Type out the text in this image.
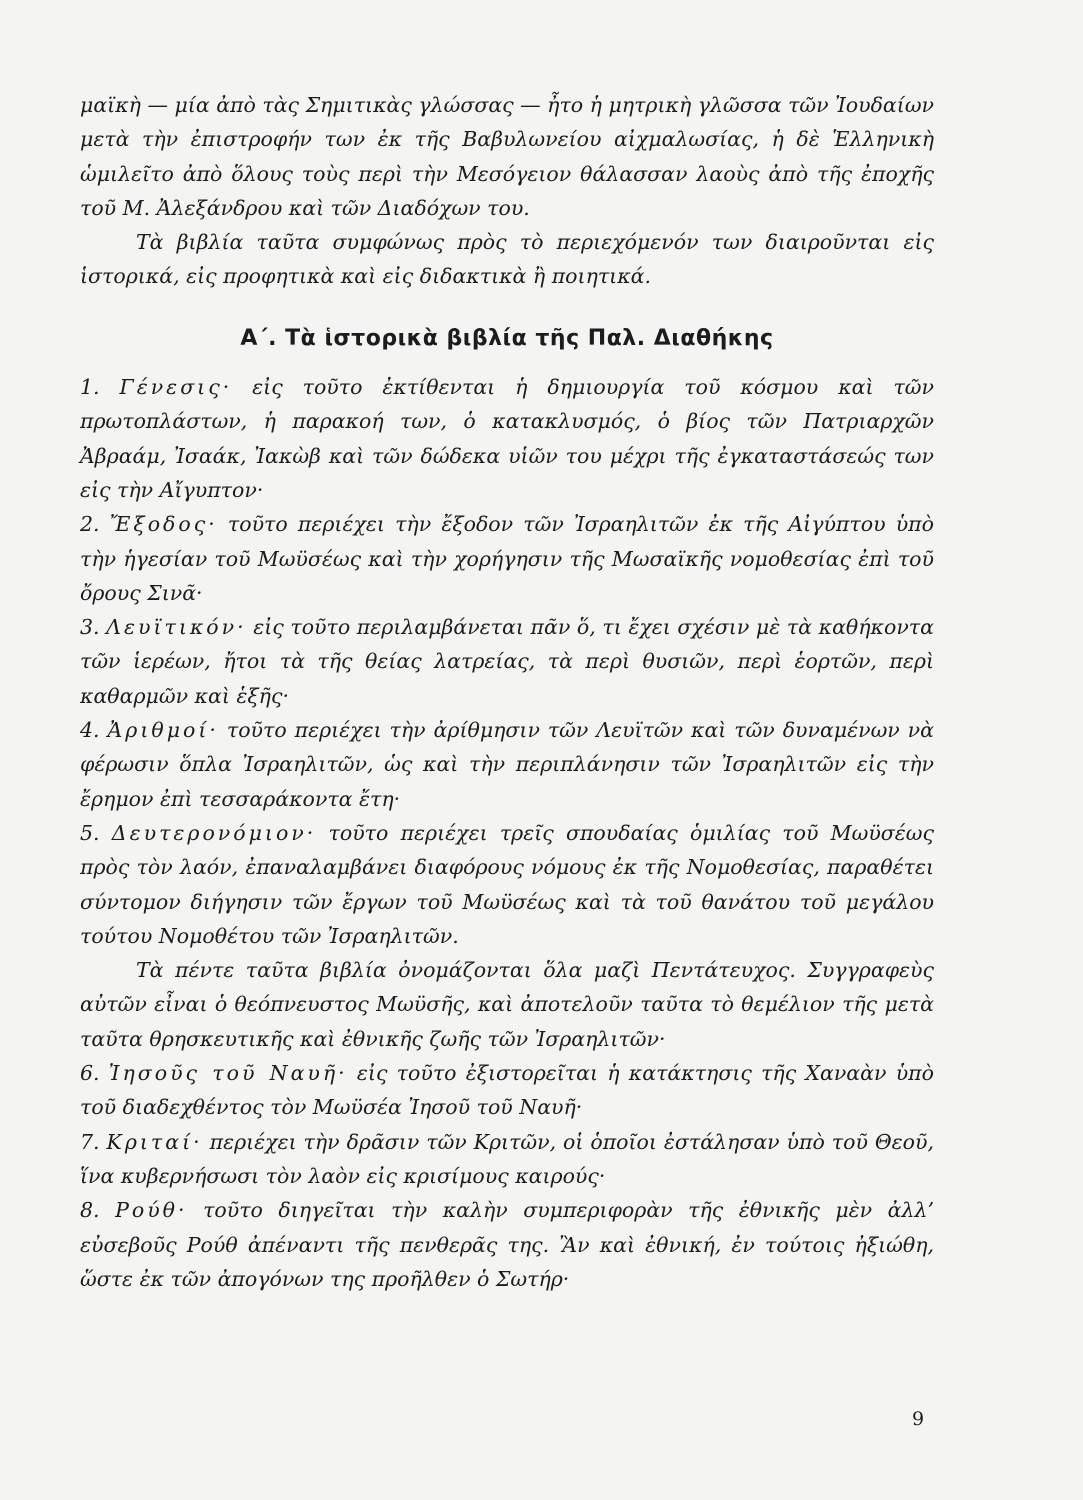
μαϊκὴ — μία ἀπὸ τὰς Σημιτικὰς γλώσσας — ἦτο ἡ μητρικὴ γλῶσσα τῶν Ἰουδαίων μετὰ τὴν ἐπιστροφήν των ἐκ τῆς Βαβυλωνείου αἰχμαλωσίας, ἡ δὲ Ἑλληνικὴ ὡμιλεῖτο ἀπὸ ὅλους τοὺς περὶ τὴν Μεσόγειον θάλασσαν λαοὺς ἀπὸ τῆς ἐποχῆς τοῦ Μ. Ἀλεξάνδρου καὶ τῶν Διαδόχων του.

Τὰ βιβλία ταῦτα συμφώνως πρὸς τὸ περιεχόμενόν των διαιροῦνται εἰς ἱστορικά, εἰς προφητικὰ καὶ εἰς διδακτικὰ ἢ ποιητικά.

Α΄. Τὰ ἱστορικὰ βιβλία τῆς Παλ. Διαθήκης

1. Γένεσις· εἰς τοῦτο ἐκτίθενται ἡ δημιουργία τοῦ κόσμου καὶ τῶν πρωτοπλάστων, ἡ παρακοή των, ὁ κατακλυσμός, ὁ βίος τῶν Πατριαρχῶν Ἀβραάμ, Ἰσαάκ, Ἰακὼβ καὶ τῶν δώδεκα υἱῶν του μέχρι τῆς ἐγκαταστάσεώς των εἰς τὴν Αἴγυπτον·

2. Ἔξοδος· τοῦτο περιέχει τὴν ἔξοδον τῶν Ἰσραηλιτῶν ἐκ τῆς Αἰγύπτου ὑπὸ τὴν ἡγεσίαν τοῦ Μωϋσέως καὶ τὴν χορήγησιν τῆς Μωσαϊκῆς νομοθεσίας ἐπὶ τοῦ ὄρους Σινᾶ·

3. Λευϊτικόν· εἰς τοῦτο περιλαμβάνεται πᾶν ὅ, τι ἔχει σχέσιν μὲ τὰ καθήκοντα τῶν ἱερέων, ἤτοι τὰ τῆς θείας λατρείας, τὰ περὶ θυσιῶν, περὶ ἑορτῶν, περὶ καθαρμῶν καὶ ἑξῆς·

4. Ἀριθμοί· τοῦτο περιέχει τὴν ἀρίθμησιν τῶν Λευϊτῶν καὶ τῶν δυναμένων νὰ φέρωσιν ὅπλα Ἰσραηλιτῶν, ὡς καὶ τὴν περιπλάνησιν τῶν Ἰσραηλιτῶν εἰς τὴν ἔρημον ἐπὶ τεσσαράκοντα ἔτη·

5. Δευτερονόμιον· τοῦτο περιέχει τρεῖς σπουδαίας ὁμιλίας τοῦ Μωϋσέως πρὸς τὸν λαόν, ἐπαναλαμβάνει διαφόρους νόμους ἐκ τῆς Νομοθεσίας, παραθέτει σύντομον διήγησιν τῶν ἔργων τοῦ Μωϋσέως καὶ τὰ τοῦ θανάτου τοῦ μεγάλου τούτου Νομοθέτου τῶν Ἰσραηλιτῶν.

Τὰ πέντε ταῦτα βιβλία ὀνομάζονται ὅλα μαζὶ Πεντάτευχος. Συγγραφεὺς αὐτῶν εἶναι ὁ θεόπνευστος Μωϋσῆς, καὶ ἀποτελοῦν ταῦτα τὸ θεμέλιον τῆς μετὰ ταῦτα θρησκευτικῆς καὶ ἐθνικῆς ζωῆς τῶν Ἰσραηλιτῶν·

6. Ἰησοῦς τοῦ Ναυῆ· εἰς τοῦτο ἐξιστορεῖται ἡ κατάκτησις τῆς Χαναὰν ὑπὸ τοῦ διαδεχθέντος τὸν Μωϋσέα Ἰησοῦ τοῦ Ναυῆ·

7. Κριταί· περιέχει τὴν δρᾶσιν τῶν Κριτῶν, οἱ ὁποῖοι ἐστάλησαν ὑπὸ τοῦ Θεοῦ, ἵνα κυβερνήσωσι τὸν λαὸν εἰς κρισίμους καιρούς·

8. Ρούθ· τοῦτο διηγεῖται τὴν καλὴν συμπεριφορὰν τῆς ἐθνικῆς μὲν ἀλλ’ εὐσεβοῦς Ρούθ ἀπέναντι τῆς πενθερᾶς της. Ἂν καὶ ἐθνική, ἐν τούτοις ἠξιώθη, ὥστε ἐκ τῶν ἀπογόνων της προῆλθεν ὁ Σωτήρ·

9
